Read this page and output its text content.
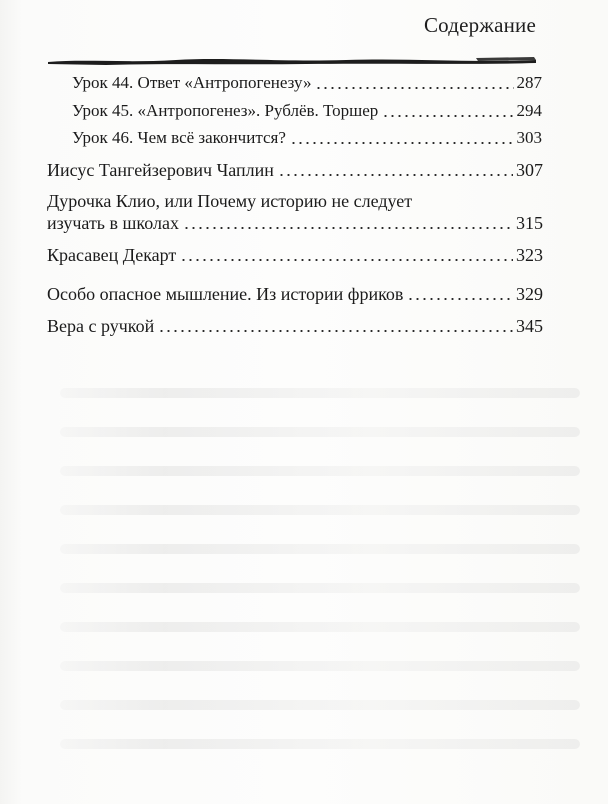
Содержание
Урок 44. Ответ «Антропогенезу»	287
Урок 45. «Антропогенез». Рублёв. Торшер	294
Урок 46. Чем всё закончится?	303
Иисус Тангейзерович Чаплин	307
Дурочка Клио, или Почему историю не следует
изучать в школах	315
Красавец Декарт	323
Особо опасное мышление. Из истории фриков	329
Вера с ручкой	345
